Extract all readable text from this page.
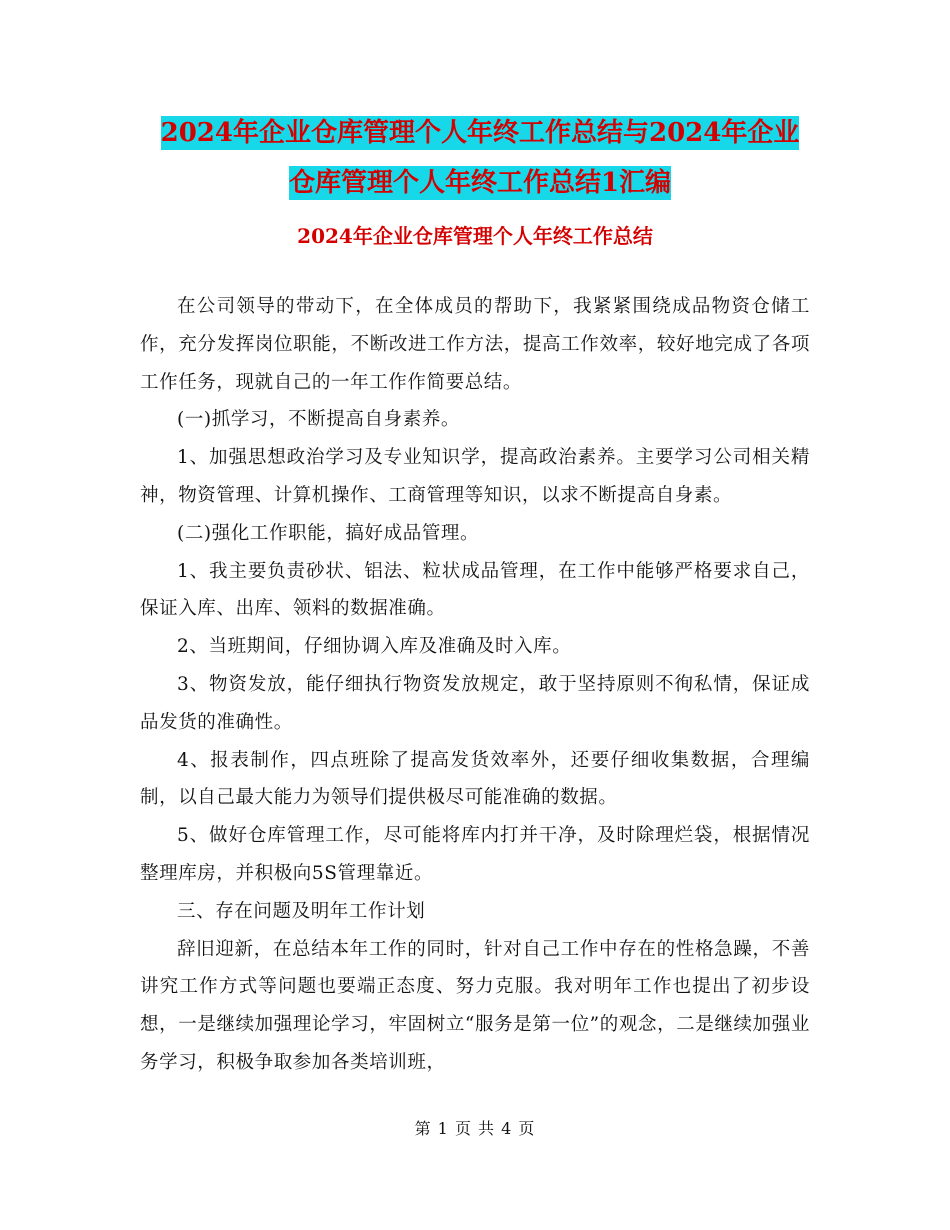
2024年企业仓库管理个人年终工作总结与2024年企业
仓库管理个人年终工作总结1汇编
2024年企业仓库管理个人年终工作总结

在公司领导的带动下，在全体成员的帮助下，我紧紧围绕成品物资仓储工作，充分发挥岗位职能，不断改进工作方法，提高工作效率，较好地完成了各项工作任务，现就自己的一年工作作简要总结。

(一)抓学习，不断提高自身素养。

1、加强思想政治学习及专业知识学，提高政治素养。主要学习公司相关精神，物资管理、计算机操作、工商管理等知识，以求不断提高自身素。

(二)强化工作职能，搞好成品管理。

1、我主要负责砂状、铝法、粒状成品管理，在工作中能够严格要求自己，保证入库、出库、领料的数据准确。

2、当班期间，仔细协调入库及准确及时入库。

3、物资发放，能仔细执行物资发放规定，敢于坚持原则不徇私情，保证成品发货的准确性。

4、报表制作，四点班除了提高发货效率外，还要仔细收集数据，合理编制，以自己最大能力为领导们提供极尽可能准确的数据。

5、做好仓库管理工作，尽可能将库内打并干净，及时除理烂袋，根据情况整理库房，并积极向5S管理靠近。

三、存在问题及明年工作计划

辞旧迎新，在总结本年工作的同时，针对自己工作中存在的性格急躁，不善讲究工作方式等问题也要端正态度、努力克服。我对明年工作也提出了初步设想，一是继续加强理论学习，牢固树立“服务是第一位”的观念，二是继续加强业务学习，积极争取参加各类培训班，

第 1 页 共 4 页
